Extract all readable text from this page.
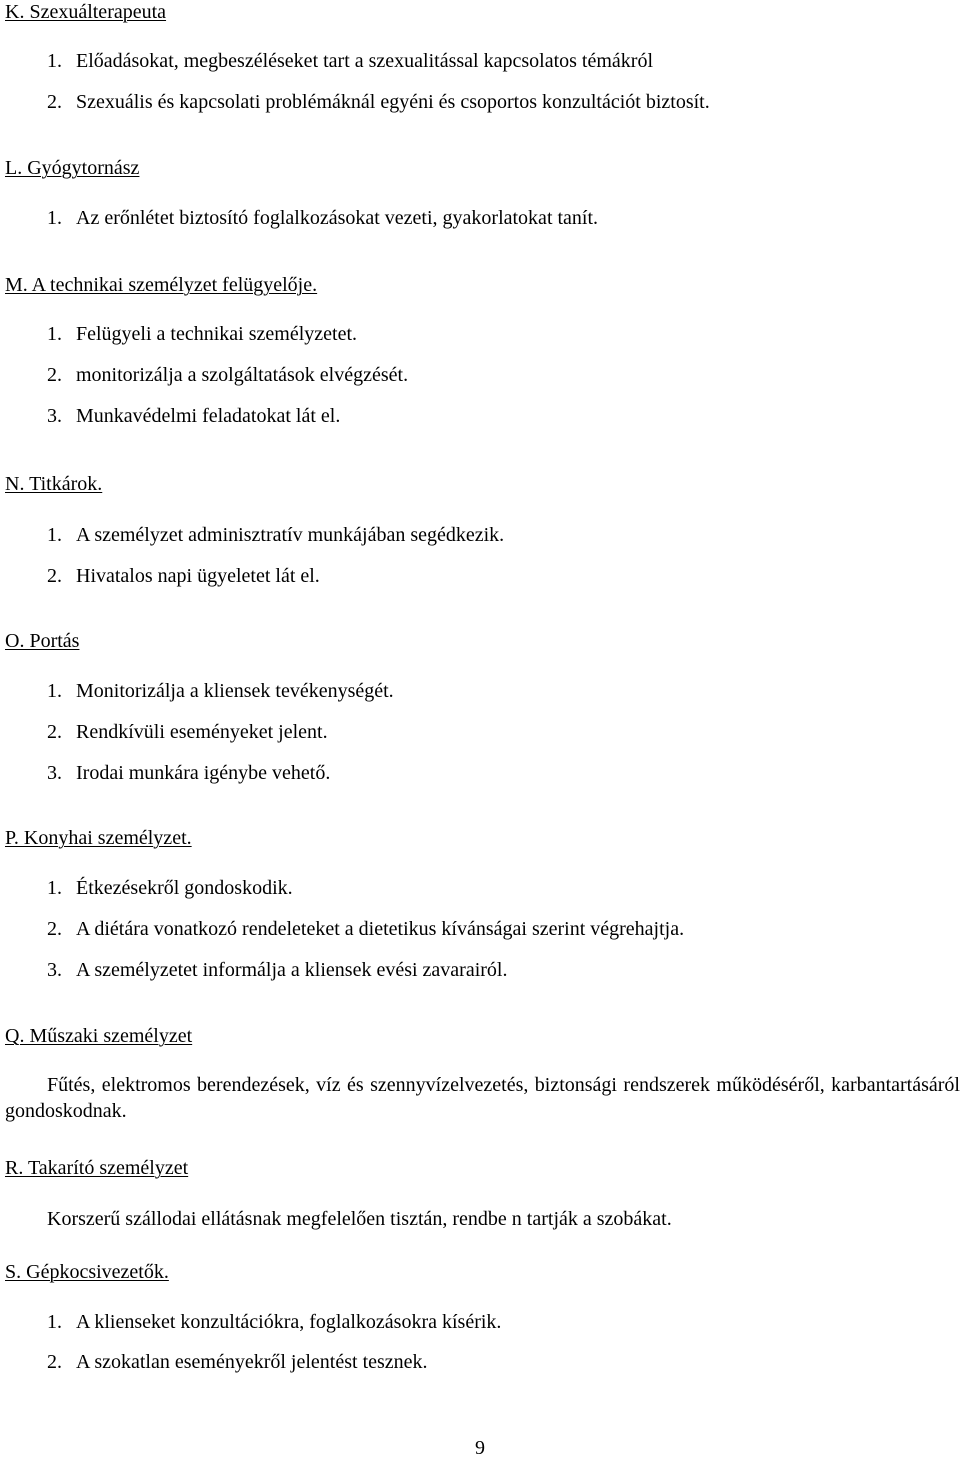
K. Szexuálterapeuta
1. Előadásokat, megbeszéléseket tart a szexualitással kapcsolatos témákról
2. Szexuális és kapcsolati problémáknál egyéni és csoportos konzultációt biztosít.
L. Gyógytornász
1. Az erőnlétet biztosító foglalkozásokat vezeti, gyakorlatokat tanít.
M. A technikai személyzet felügyelője.
1. Felügyeli a technikai személyzetet.
2. monitorizálja a szolgáltatások elvégzését.
3. Munkavédelmi feladatokat lát el.
N. Titkárok.
1. A személyzet adminisztratív munkájában segédkezik.
2. Hivatalos napi ügyeletet lát el.
O. Portás
1. Monitorizálja a kliensek tevékenységét.
2. Rendkívüli eseményeket jelent.
3. Irodai munkára igénybe vehető.
P. Konyhai személyzet.
1. Étkezésekről gondoskodik.
2. A diétára vonatkozó rendeleteket a dietetikus kívánságai szerint végrehajtja.
3. A személyzetet informálja a kliensek evési zavarairól.
Q. Műszaki személyzet
Fűtés, elektromos berendezések, víz és szennyvízelvezetés, biztonsági rendszerek működéséről, karbantartásáról gondoskodnak.
R. Takarító személyzet
Korszerű szállodai ellátásnak megfelelően tisztán, rendbe n tartják a szobákat.
S. Gépkocsivezetők.
1. A klienseket konzultációkra, foglalkozásokra kísérik.
2. A szokatlan eseményekről jelentést tesznek.
9
